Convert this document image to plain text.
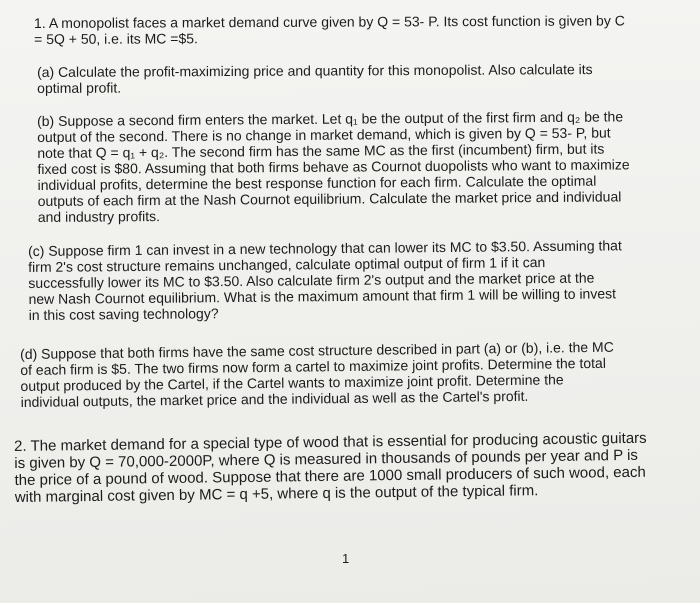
1. A monopolist faces a market demand curve given by Q = 53- P. Its cost function is given by C
= 5Q + 50, i.e. its MC =$5.

(a) Calculate the profit-maximizing price and quantity for this monopolist. Also calculate its
optimal profit.

(b) Suppose a second firm enters the market. Let q₁ be the output of the first firm and q₂ be the
output of the second. There is no change in market demand, which is given by Q = 53- P, but
note that Q = q₁ + q₂. The second firm has the same MC as the first (incumbent) firm, but its
fixed cost is $80. Assuming that both firms behave as Cournot duopolists who want to maximize
individual profits, determine the best response function for each firm. Calculate the optimal
outputs of each firm at the Nash Cournot equilibrium. Calculate the market price and individual
and industry profits.

(c) Suppose firm 1 can invest in a new technology that can lower its MC to $3.50. Assuming that
firm 2's cost structure remains unchanged, calculate optimal output of firm 1 if it can
successfully lower its MC to $3.50. Also calculate firm 2's output and the market price at the
new Nash Cournot equilibrium. What is the maximum amount that firm 1 will be willing to invest
in this cost saving technology?

(d) Suppose that both firms have the same cost structure described in part (a) or (b), i.e. the MC
of each firm is $5. The two firms now form a cartel to maximize joint profits. Determine the total
output produced by the Cartel, if the Cartel wants to maximize joint profit. Determine the
individual outputs, the market price and the individual as well as the Cartel's profit.

2. The market demand for a special type of wood that is essential for producing acoustic guitars
is given by Q = 70,000-2000P, where Q is measured in thousands of pounds per year and P is
the price of a pound of wood. Suppose that there are 1000 small producers of such wood, each
with marginal cost given by MC = q +5, where q is the output of the typical firm.

1
